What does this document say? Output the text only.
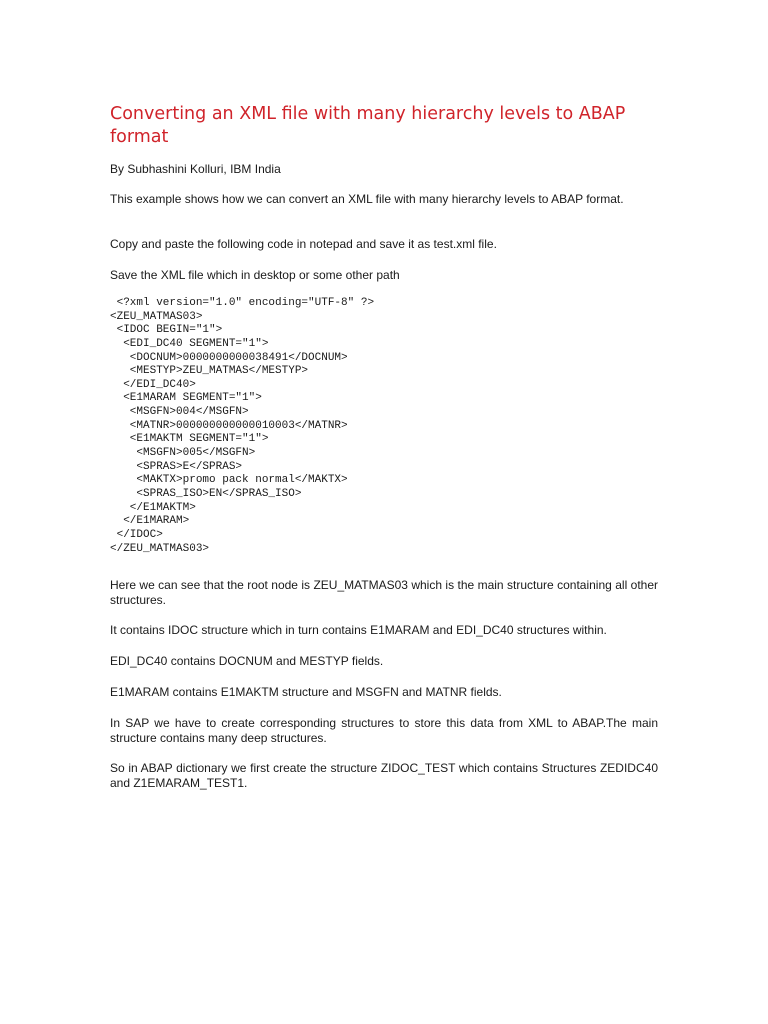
Converting an XML file with many hierarchy levels to ABAP format

By Subhashini Kolluri, IBM India

This example shows how we can convert an XML file with many hierarchy levels to ABAP format.

Copy and paste the following code in notepad and save it as test.xml file.

Save the XML file which in desktop or some other path

<?xml version="1.0" encoding="UTF-8" ?>
<ZEU_MATMAS03>
<IDOC BEGIN="1">
<EDI_DC40 SEGMENT="1">
<DOCNUM>0000000000038491</DOCNUM>
<MESTYP>ZEU_MATMAS</MESTYP>
</EDI_DC40>
<E1MARAM SEGMENT="1">
<MSGFN>004</MSGFN>
<MATNR>000000000000010003</MATNR>
<E1MAKTM SEGMENT="1">
<MSGFN>005</MSGFN>
<SPRAS>E</SPRAS>
<MAKTX>promo pack normal</MAKTX>
<SPRAS_ISO>EN</SPRAS_ISO>
</E1MAKTM>
</E1MARAM>
</IDOC>
</ZEU_MATMAS03>

Here we can see that the root node is ZEU_MATMAS03 which is the main structure containing all other structures.

It contains IDOC structure which in turn contains E1MARAM and EDI_DC40 structures within.

EDI_DC40 contains DOCNUM and MESTYP fields.

E1MARAM contains E1MAKTM structure and MSGFN and MATNR fields.

In SAP we have to create corresponding structures to store this data from XML to ABAP.The main structure contains many deep structures.

So in ABAP dictionary we first create the structure ZIDOC_TEST which contains Structures ZEDIDC40 and Z1EMARAM_TEST1.
